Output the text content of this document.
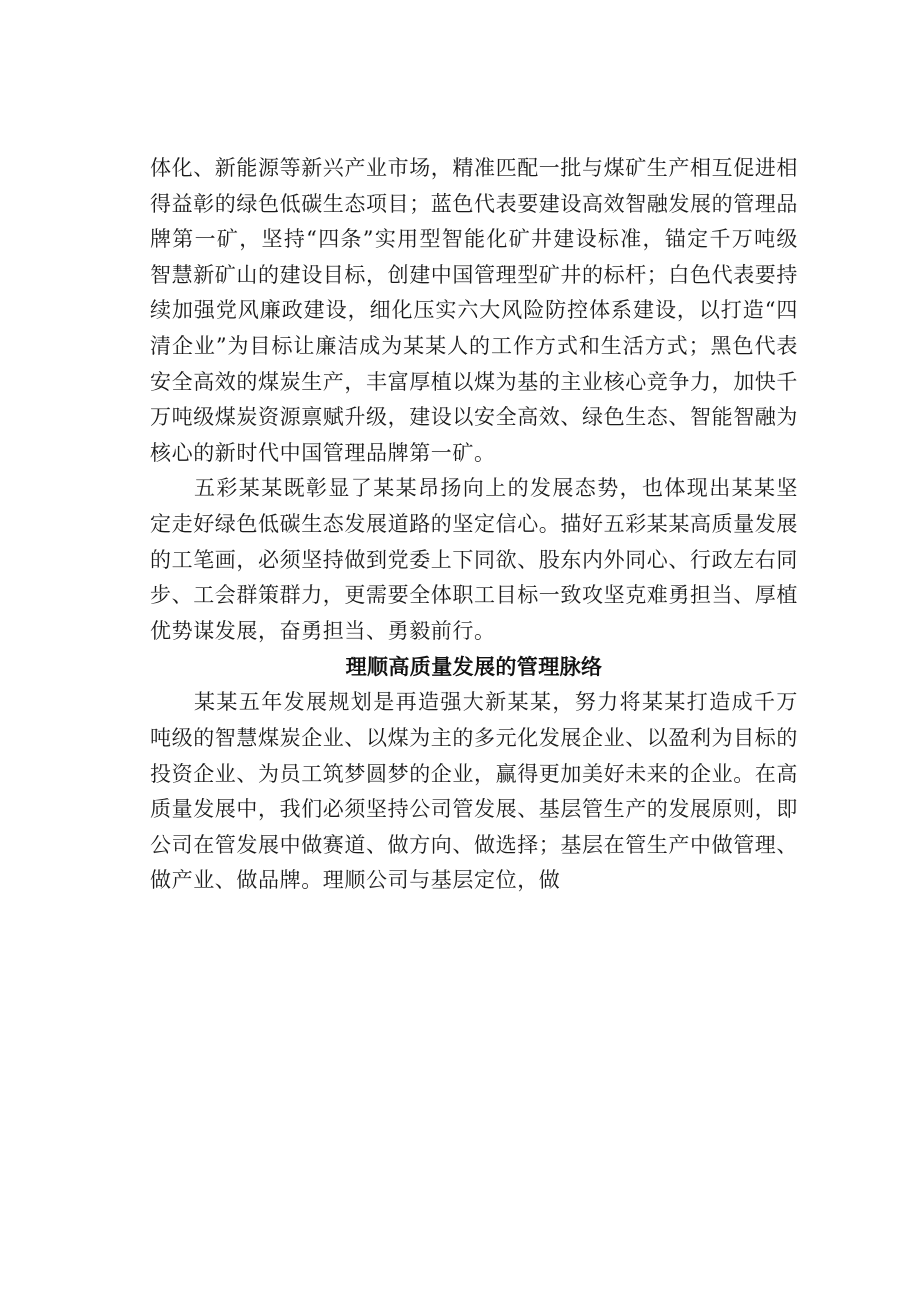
体化、新能源等新兴产业市场，精准匹配一批与煤矿生产相互促进相得益彰的绿色低碳生态项目；蓝色代表要建设高效智融发展的管理品牌第一矿，坚持“四条”实用型智能化矿井建设标准，锚定千万吨级智慧新矿山的建设目标，创建中国管理型矿井的标杆；白色代表要持续加强党风廉政建设，细化压实六大风险防控体系建设，以打造“四清企业”为目标让廉洁成为某某人的工作方式和生活方式；黑色代表安全高效的煤炭生产，丰富厚植以煤为基的主业核心竞争力，加快千万吨级煤炭资源禀赋升级，建设以安全高效、绿色生态、智能智融为核心的新时代中国管理品牌第一矿。

五彩某某既彰显了某某昂扬向上的发展态势，也体现出某某坚定走好绿色低碳生态发展道路的坚定信心。描好五彩某某高质量发展的工笔画，必须坚持做到党委上下同欲、股东内外同心、行政左右同步、工会群策群力，更需要全体职工目标一致攻坚克难勇担当、厚植优势谋发展，奋勇担当、勇毅前行。

理顺高质量发展的管理脉络

某某五年发展规划是再造强大新某某，努力将某某打造成千万吨级的智慧煤炭企业、以煤为主的多元化发展企业、以盈利为目标的投资企业、为员工筑梦圆梦的企业，赢得更加美好未来的企业。在高质量发展中，我们必须坚持公司管发展、基层管生产的发展原则，即公司在管发展中做赛道、做方向、做选择；基层在管生产中做管理、做产业、做品牌。理顺公司与基层定位，做
